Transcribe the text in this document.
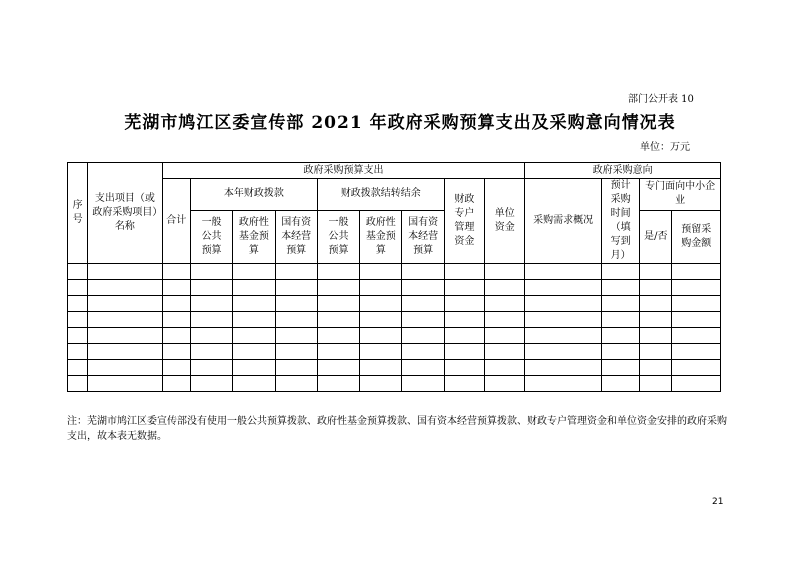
部门公开表 10
芜湖市鸠江区委宣传部 2021 年政府采购预算支出及采购意向情况表
单位：万元
序号	支出项目（或政府采购项目）名称	政府采购预算支出									政府采购意向			
		合计	本年财政拨款			财政拨款结转结余			财政专户管理资金	单位资金	采购需求概况	预计采购时间（填写到月）	专门面向中小企业	
			一般公共预算	政府性基金预算	国有资本经营预算	一般公共预算	政府性基金预算	国有资本经营预算					是/否	预留采购金额

注：芜湖市鸠江区委宣传部没有使用一般公共预算拨款、政府性基金预算拨款、国有资本经营预算拨款、财政专户管理资金和单位资金安排的政府采购支出，故本表无数据。
21
